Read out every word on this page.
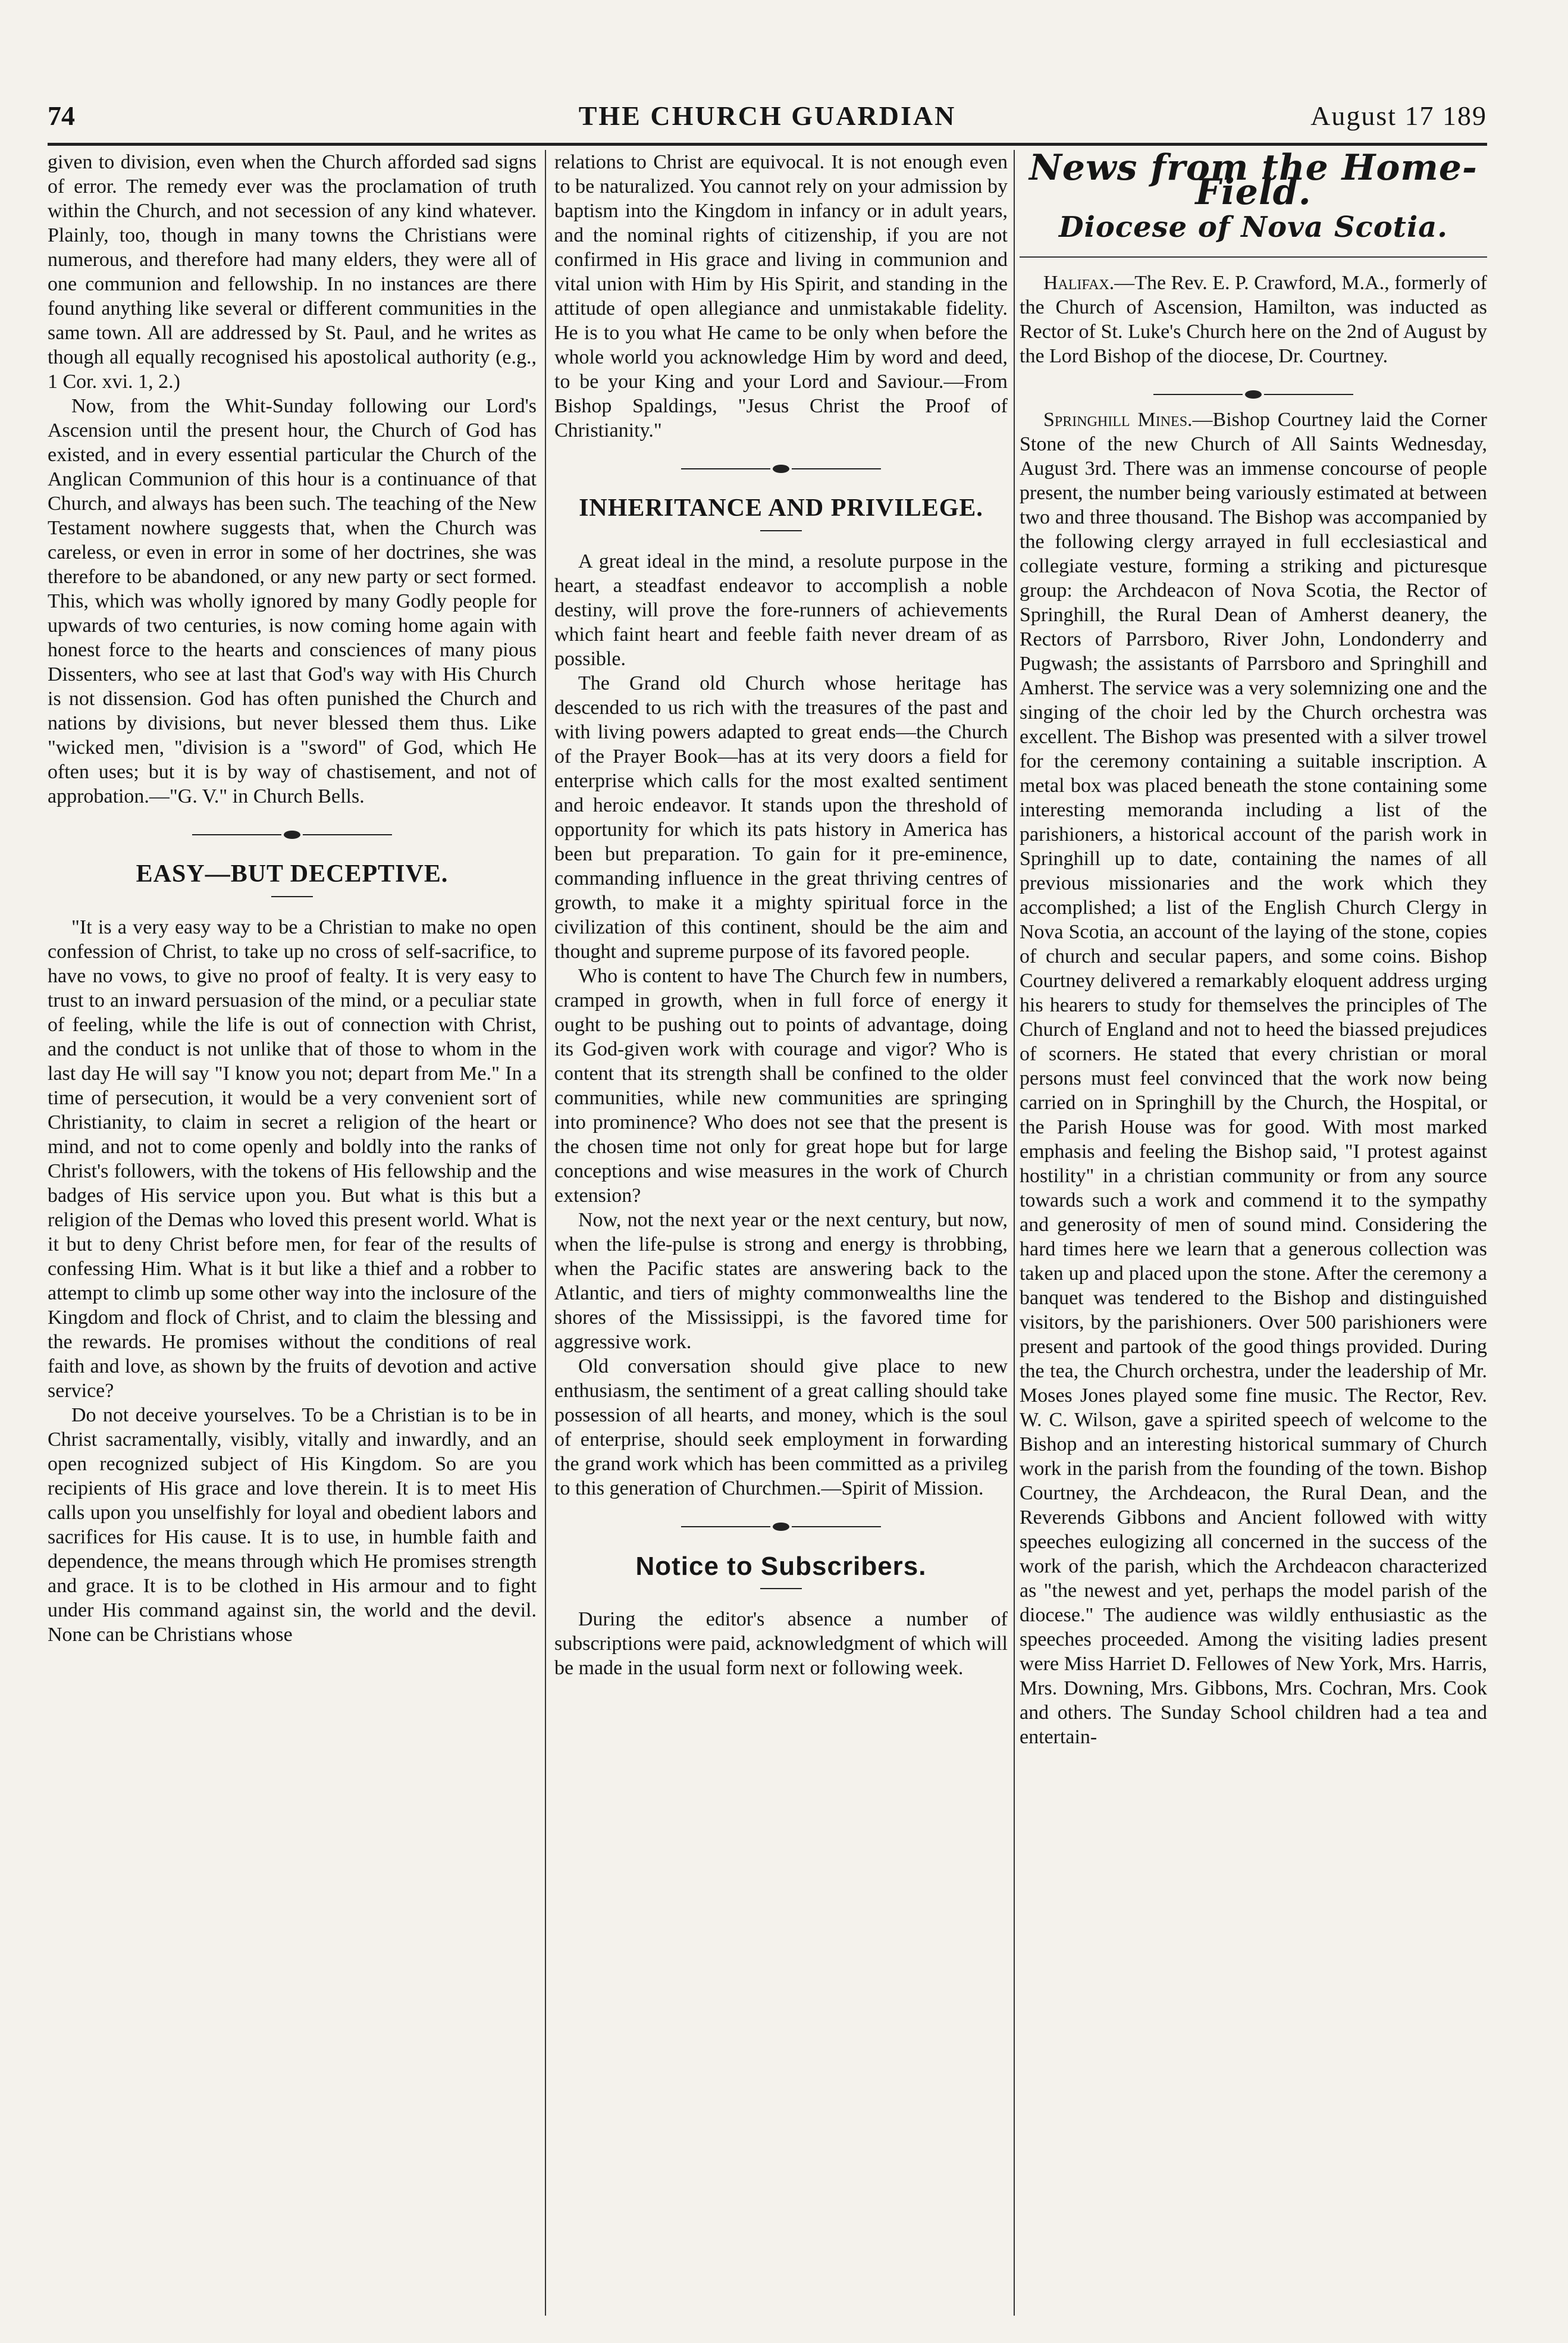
74	THE CHURCH GUARDIAN	August 17 189

given to division, even when the Church afforded sad signs of error. The remedy ever was the proclamation of truth within the Church, and not secession of any kind whatever. Plainly, too, though in many towns the Christians were numerous, and therefore had many elders, they were all of one communion and fellowship. In no instances are there found anything like several or different communities in the same town. All are addressed by St. Paul, and he writes as though all equally recognised his apostolical authority (e.g., 1 Cor. xvi. 1, 2.)

Now, from the Whit-Sunday following our Lord's Ascension until the present hour, the Church of God has existed, and in every essential particular the Church of the Anglican Communion of this hour is a continuance of that Church, and always has been such. The teaching of the New Testament nowhere suggests that, when the Church was careless, or even in error in some of her doctrines, she was therefore to be abandoned, or any new party or sect formed. This, which was wholly ignored by many Godly people for upwards of two centuries, is now coming home again with honest force to the hearts and consciences of many pious Dissenters, who see at last that God's way with His Church is not dissension. God has often punished the Church and nations by divisions, but never blessed them thus. Like "wicked men, "division is a "sword" of God, which He often uses; but it is by way of chastisement, and not of approbation.—"G. V." in Church Bells.

EASY—BUT DECEPTIVE.

"It is a very easy way to be a Christian to make no open confession of Christ, to take up no cross of self-sacrifice, to have no vows, to give no proof of fealty. It is very easy to trust to an inward persuasion of the mind, or a peculiar state of feeling, while the life is out of connection with Christ, and the conduct is not unlike that of those to whom in the last day He will say "I know you not; depart from Me." In a time of persecution, it would be a very convenient sort of Christianity, to claim in secret a religion of the heart or mind, and not to come openly and boldly into the ranks of Christ's followers, with the tokens of His fellowship and the badges of His service upon you. But what is this but a religion of the Demas who loved this present world. What is it but to deny Christ before men, for fear of the results of confessing Him. What is it but like a thief and a robber to attempt to climb up some other way into the inclosure of the Kingdom and flock of Christ, and to claim the blessing and the rewards. He promises without the conditions of real faith and love, as shown by the fruits of devotion and active service?

Do not deceive yourselves. To be a Christian is to be in Christ sacramentally, visibly, vitally and inwardly, and an open recognized subject of His Kingdom. So are you recipients of His grace and love therein. It is to meet His calls upon you unselfishly for loyal and obedient labors and sacrifices for His cause. It is to use, in humble faith and dependence, the means through which He promises strength and grace. It is to be clothed in His armour and to fight under His command against sin, the world and the devil. None can be Christians whose

relations to Christ are equivocal. It is not enough even to be naturalized. You cannot rely on your admission by baptism into the Kingdom in infancy or in adult years, and the nominal rights of citizenship, if you are not confirmed in His grace and living in communion and vital union with Him by His Spirit, and standing in the attitude of open allegiance and unmistakable fidelity. He is to you what He came to be only when before the whole world you acknowledge Him by word and deed, to be your King and your Lord and Saviour.—From Bishop Spaldings, "Jesus Christ the Proof of Christianity."

INHERITANCE AND PRIVILEGE.

A great ideal in the mind, a resolute purpose in the heart, a steadfast endeavor to accomplish a noble destiny, will prove the fore-runners of achievements which faint heart and feeble faith never dream of as possible.

The Grand old Church whose heritage has descended to us rich with the treasures of the past and with living powers adapted to great ends—the Church of the Prayer Book—has at its very doors a field for enterprise which calls for the most exalted sentiment and heroic endeavor. It stands upon the threshold of opportunity for which its pats history in America has been but preparation. To gain for it pre-eminence, commanding influence in the great thriving centres of growth, to make it a mighty spiritual force in the civilization of this continent, should be the aim and thought and supreme purpose of its favored people.

Who is content to have The Church few in numbers, cramped in growth, when in full force of energy it ought to be pushing out to points of advantage, doing its God-given work with courage and vigor? Who is content that its strength shall be confined to the older communities, while new communities are springing into prominence? Who does not see that the present is the chosen time not only for great hope but for large conceptions and wise measures in the work of Church extension?

Now, not the next year or the next century, but now, when the life-pulse is strong and energy is throbbing, when the Pacific states are answering back to the Atlantic, and tiers of mighty commonwealths line the shores of the Mississippi, is the favored time for aggressive work.

Old conversation should give place to new enthusiasm, the sentiment of a great calling should take possession of all hearts, and money, which is the soul of enterprise, should seek employment in forwarding the grand work which has been committed as a privileg to this generation of Churchmen.—Spirit of Mission.

Notice to Subscribers.

During the editor's absence a number of subscriptions were paid, acknowledgment of which will be made in the usual form next or following week.

News from the Home-Field.
Diocese of Nova Scotia.

Halifax.—The Rev. E. P. Crawford, M.A., formerly of the Church of Ascension, Hamilton, was inducted as Rector of St. Luke's Church here on the 2nd of August by the Lord Bishop of the diocese, Dr. Courtney.

Springhill Mines.—Bishop Courtney laid the Corner Stone of the new Church of All Saints Wednesday, August 3rd. There was an immense concourse of people present, the number being variously estimated at between two and three thousand. The Bishop was accompanied by the following clergy arrayed in full ecclesiastical and collegiate vesture, forming a striking and picturesque group: the Archdeacon of Nova Scotia, the Rector of Springhill, the Rural Dean of Amherst deanery, the Rectors of Parrsboro, River John, Londonderry and Pugwash; the assistants of Parrsboro and Springhill and Amherst. The service was a very solemnizing one and the singing of the choir led by the Church orchestra was excellent. The Bishop was presented with a silver trowel for the ceremony containing a suitable inscription. A metal box was placed beneath the stone containing some interesting memoranda including a list of the parishioners, a historical account of the parish work in Springhill up to date, containing the names of all previous missionaries and the work which they accomplished; a list of the English Church Clergy in Nova Scotia, an account of the laying of the stone, copies of church and secular papers, and some coins. Bishop Courtney delivered a remarkably eloquent address urging his hearers to study for themselves the principles of The Church of England and not to heed the biassed prejudices of scorners. He stated that every christian or moral persons must feel convinced that the work now being carried on in Springhill by the Church, the Hospital, or the Parish House was for good. With most marked emphasis and feeling the Bishop said, "I protest against hostility" in a christian community or from any source towards such a work and commend it to the sympathy and generosity of men of sound mind. Considering the hard times here we learn that a generous collection was taken up and placed upon the stone. After the ceremony a banquet was tendered to the Bishop and distinguished visitors, by the parishioners. Over 500 parishioners were present and partook of the good things provided. During the tea, the Church orchestra, under the leadership of Mr. Moses Jones played some fine music. The Rector, Rev. W. C. Wilson, gave a spirited speech of welcome to the Bishop and an interesting historical summary of Church work in the parish from the founding of the town. Bishop Courtney, the Archdeacon, the Rural Dean, and the Reverends Gibbons and Ancient followed with witty speeches eulogizing all concerned in the success of the work of the parish, which the Archdeacon characterized as "the newest and yet, perhaps the model parish of the diocese." The audience was wildly enthusiastic as the speeches proceeded. Among the visiting ladies present were Miss Harriet D. Fellowes of New York, Mrs. Harris, Mrs. Downing, Mrs. Gibbons, Mrs. Cochran, Mrs. Cook and others. The Sunday School children had a tea and entertain-
